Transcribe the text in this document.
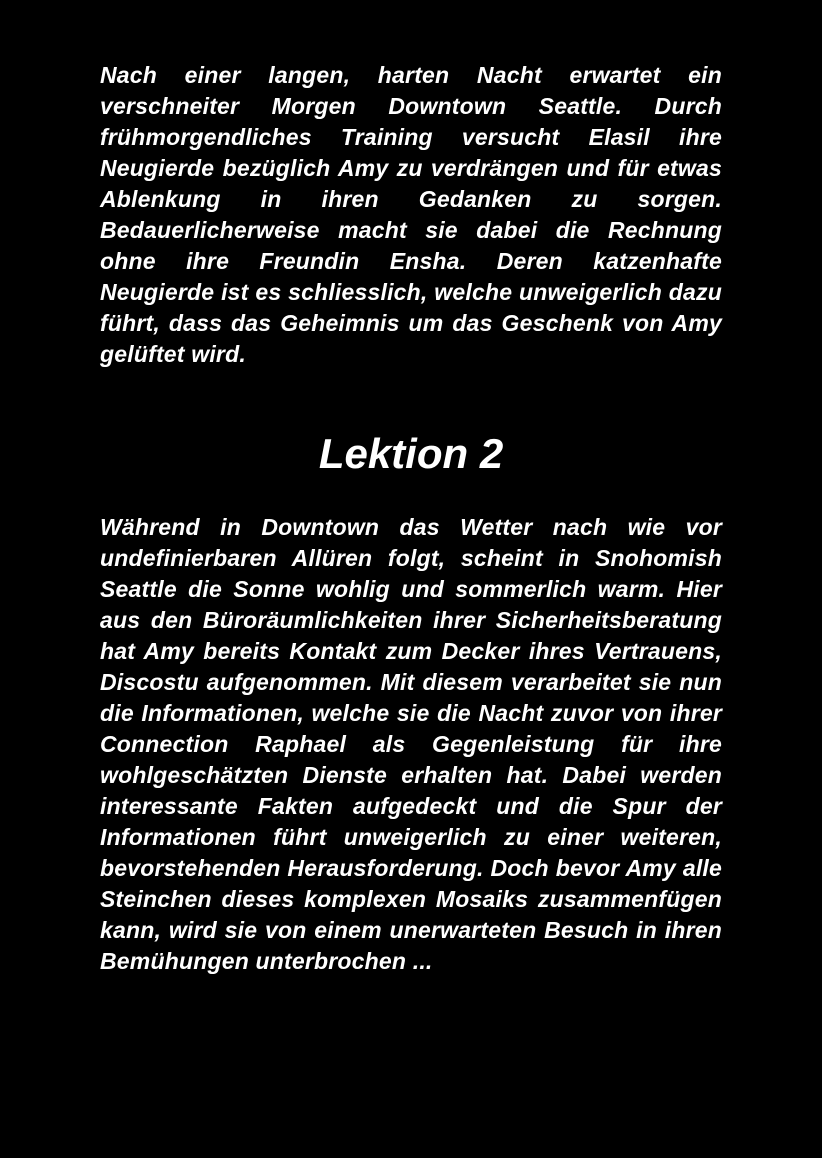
Nach einer langen, harten Nacht erwartet ein verschneiter Morgen Downtown Seattle. Durch frühmorgendliches Training versucht Elasil ihre Neugierde bezüglich Amy zu verdrängen und für etwas Ablenkung in ihren Gedanken zu sorgen. Bedauerlicherweise macht sie dabei die Rechnung ohne ihre Freundin Ensha. Deren katzenhafte Neugierde ist es schliesslich, welche unweigerlich dazu führt, dass das Geheimnis um das Geschenk von Amy gelüftet wird.

Lektion 2

Während in Downtown das Wetter nach wie vor undefinierbaren Allüren folgt, scheint in Snohomish Seattle die Sonne wohlig und sommerlich warm. Hier aus den Büroräumlichkeiten ihrer Sicherheitsberatung hat Amy bereits Kontakt zum Decker ihres Vertrauens, Discostu aufgenommen. Mit diesem verarbeitet sie nun die Informationen, welche sie die Nacht zuvor von ihrer Connection Raphael als Gegenleistung für ihre wohlgeschätzten Dienste erhalten hat. Dabei werden interessante Fakten aufgedeckt und die Spur der Informationen führt unweigerlich zu einer weiteren, bevorstehenden Herausforderung. Doch bevor Amy alle Steinchen dieses komplexen Mosaiks zusammenfügen kann, wird sie von einem unerwarteten Besuch in ihren Bemühungen unterbrochen ...
